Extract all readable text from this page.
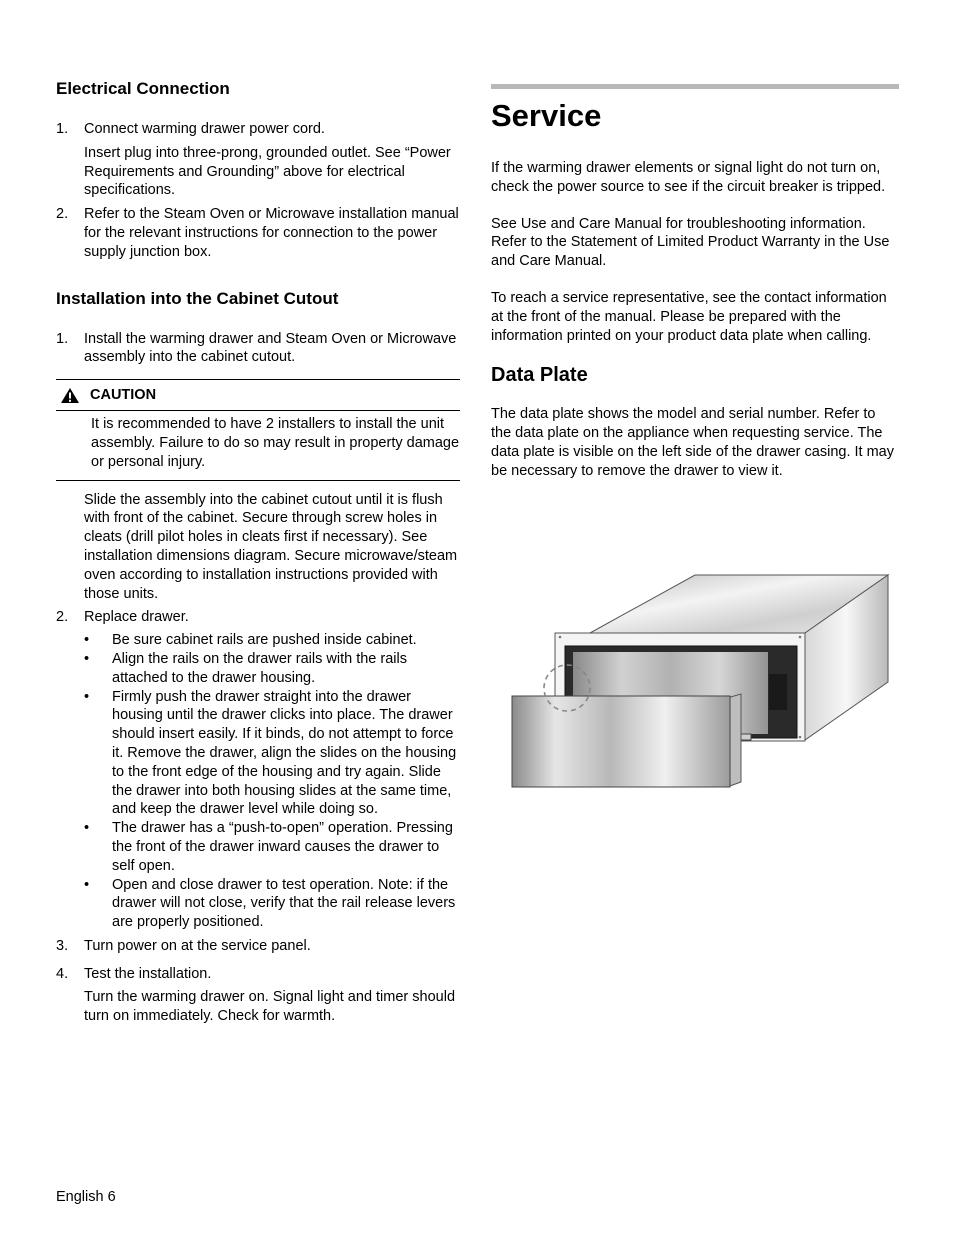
Electrical Connection
1. Connect warming drawer power cord.
Insert plug into three-prong, grounded outlet. See “Power Requirements and Grounding” above for electrical specifications.
2. Refer to the Steam Oven or Microwave installation manual for the relevant instructions for connection to the power supply junction box.
Installation into the Cabinet Cutout
1. Install the warming drawer and Steam Oven or Microwave assembly into the cabinet cutout.
CAUTION
It is recommended to have 2 installers to install the unit assembly. Failure to do so may result in property damage or personal injury.
Slide the assembly into the cabinet cutout until it is flush with front of the cabinet. Secure through screw holes in cleats (drill pilot holes in cleats first if necessary). See installation dimensions diagram. Secure microwave/steam oven according to installation instructions provided with those units.
2. Replace drawer.
• Be sure cabinet rails are pushed inside cabinet.
• Align the rails on the drawer rails with the rails attached to the drawer housing.
• Firmly push the drawer straight into the drawer housing until the drawer clicks into place. The drawer should insert easily. If it binds, do not attempt to force it. Remove the drawer, align the slides on the housing to the front edge of the housing and try again. Slide the drawer into both housing slides at the same time, and keep the drawer level while doing so.
• The drawer has a “push-to-open” operation. Pressing the front of the drawer inward causes the drawer to self open.
• Open and close drawer to test operation. Note: if the drawer will not close, verify that the rail release levers are properly positioned.
3. Turn power on at the service panel.
4. Test the installation.
Turn the warming drawer on. Signal light and timer should turn on immediately. Check for warmth.
Service

If the warming drawer elements or signal light do not turn on, check the power source to see if the circuit breaker is tripped.

See Use and Care Manual for troubleshooting information. Refer to the Statement of Limited Product Warranty in the Use and Care Manual.

To reach a service representative, see the contact information at the front of the manual. Please be prepared with the information printed on your product data plate when calling.

Data Plate

The data plate shows the model and serial number. Refer to the data plate on the appliance when requesting service. The data plate is visible on the left side of the drawer casing. It may be necessary to remove the drawer to view it.

English 6
